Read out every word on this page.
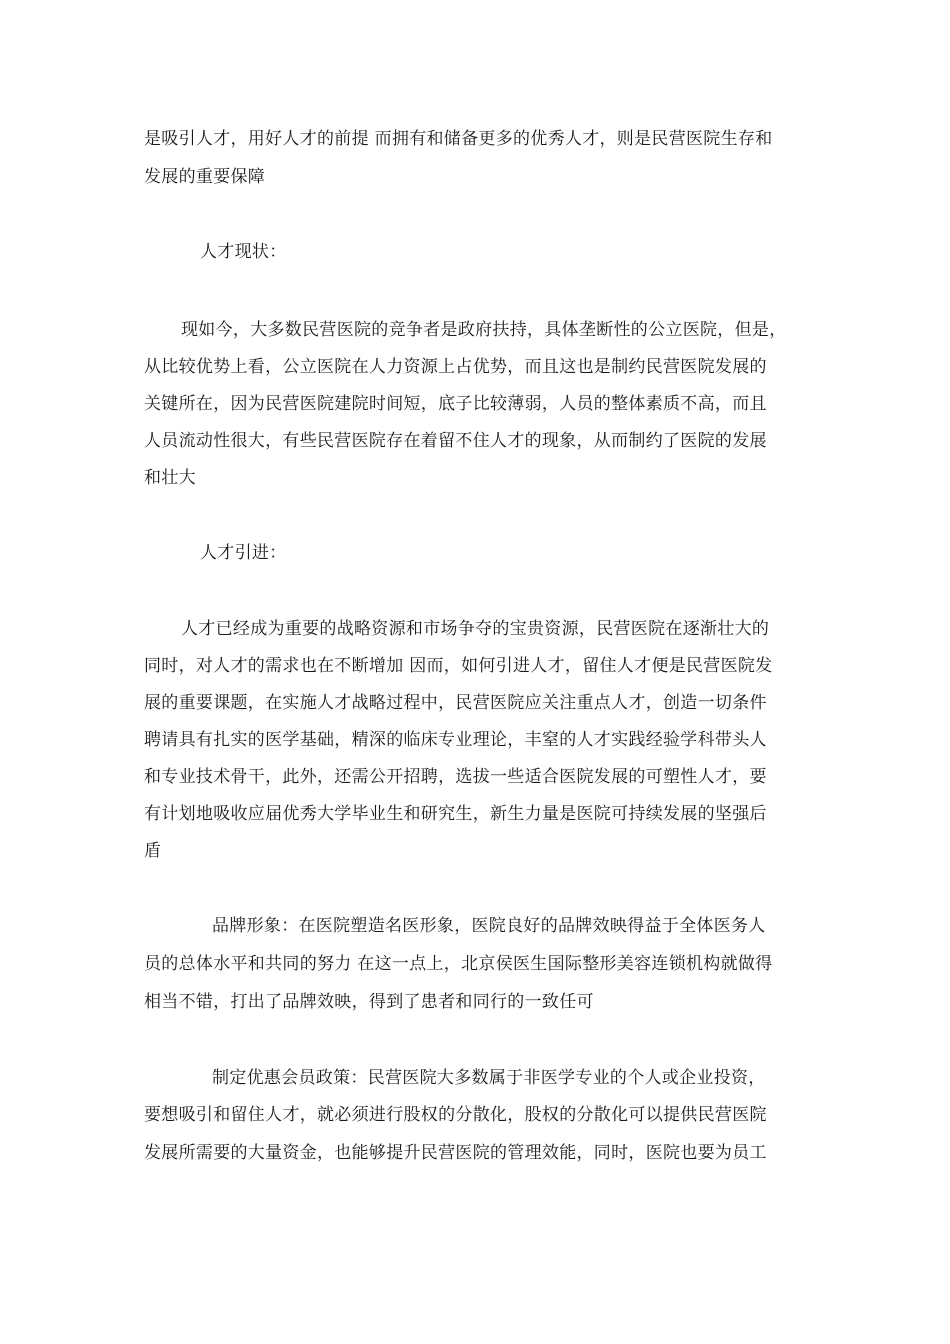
是吸引人才，用好人才的前提 而拥有和储备更多的优秀人才，则是民营医院生存和
发展的重要保障
人才现状：
现如今，大多数民营医院的竞争者是政府扶持，具体垄断性的公立医院，但是，
从比较优势上看，公立医院在人力资源上占优势，而且这也是制约民营医院发展的
关键所在，因为民营医院建院时间短，底子比较薄弱，人员的整体素质不高，而且
人员流动性很大，有些民营医院存在着留不住人才的现象，从而制约了医院的发展
和壮大
人才引进：
人才已经成为重要的战略资源和市场争夺的宝贵资源，民营医院在逐渐壮大的
同时，对人才的需求也在不断增加 因而，如何引进人才，留住人才便是民营医院发
展的重要课题，在实施人才战略过程中，民营医院应关注重点人才，创造一切条件
聘请具有扎实的医学基础，精深的临床专业理论，丰窒的人才实践经验学科带头人
和专业技术骨干，此外，还需公开招聘，选拔一些适合医院发展的可塑性人才，要
有计划地吸收应届优秀大学毕业生和研究生，新生力量是医院可持续发展的坚强后
盾
品牌形象：在医院塑造名医形象，医院良好的品牌效映得益于全体医务人
员的总体水平和共同的努力 在这一点上，北京侯医生国际整形美容连锁机构就做得
相当不错，打出了品牌效映，得到了患者和同行的一致任可
制定优惠会员政策：民营医院大多数属于非医学专业的个人或企业投资，
要想吸引和留住人才，就必须进行股权的分散化，股权的分散化可以提供民营医院
发展所需要的大量资金，也能够提升民营医院的管理效能，同时，医院也要为员工
